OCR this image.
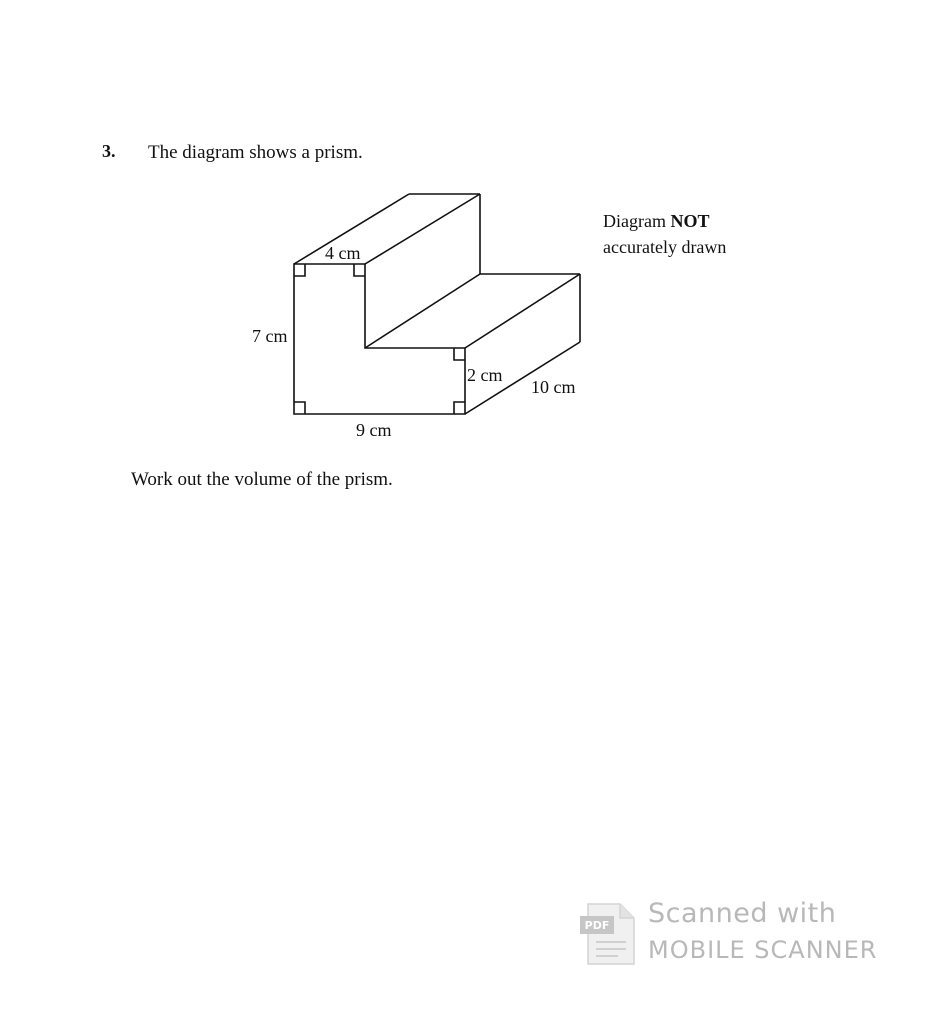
3. The diagram shows a prism.
4 cm
7 cm
2 cm
10 cm
9 cm
Diagram NOT
accurately drawn
Work out the volume of the prism.
PDF Scanned with
MOBILE SCANNER
